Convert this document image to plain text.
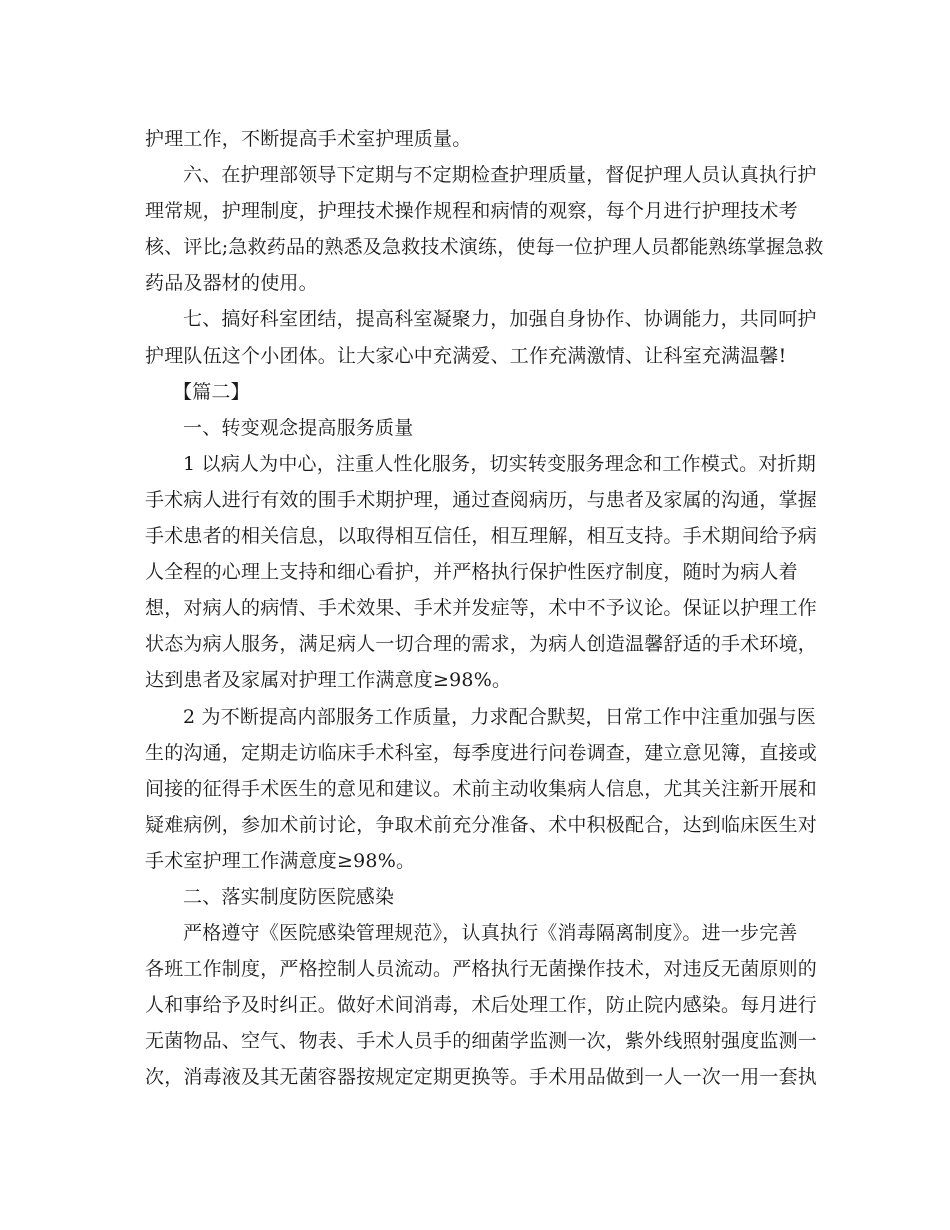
护理工作，不断提高手术室护理质量。
六、在护理部领导下定期与不定期检查护理质量，督促护理人员认真执行护
理常规，护理制度，护理技术操作规程和病情的观察，每个月进行护理技术考
核、评比;急救药品的熟悉及急救技术演练，使每一位护理人员都能熟练掌握急救
药品及器材的使用。
七、搞好科室团结，提高科室凝聚力，加强自身协作、协调能力，共同呵护
护理队伍这个小团体。让大家心中充满爱、工作充满激情、让科室充满温馨!
【篇二】
一、转变观念提高服务质量
1 以病人为中心，注重人性化服务，切实转变服务理念和工作模式。对折期
手术病人进行有效的围手术期护理，通过查阅病历，与患者及家属的沟通，掌握
手术患者的相关信息，以取得相互信任，相互理解，相互支持。手术期间给予病
人全程的心理上支持和细心看护，并严格执行保护性医疗制度，随时为病人着
想，对病人的病情、手术效果、手术并发症等，术中不予议论。保证以护理工作
状态为病人服务，满足病人一切合理的需求，为病人创造温馨舒适的手术环境，
达到患者及家属对护理工作满意度≥98%。
2 为不断提高内部服务工作质量，力求配合默契，日常工作中注重加强与医
生的沟通，定期走访临床手术科室，每季度进行问卷调查，建立意见簿，直接或
间接的征得手术医生的意见和建议。术前主动收集病人信息，尤其关注新开展和
疑难病例，参加术前讨论，争取术前充分准备、术中积极配合，达到临床医生对
手术室护理工作满意度≥98%。
二、落实制度防医院感染
严格遵守《医院感染管理规范》，认真执行《消毒隔离制度》。进一步完善
各班工作制度，严格控制人员流动。严格执行无菌操作技术，对违反无菌原则的
人和事给予及时纠正。做好术间消毒，术后处理工作，防止院内感染。每月进行
无菌物品、空气、物表、手术人员手的细菌学监测一次，紫外线照射强度监测一
次，消毒液及其无菌容器按规定定期更换等。手术用品做到一人一次一用一套执
